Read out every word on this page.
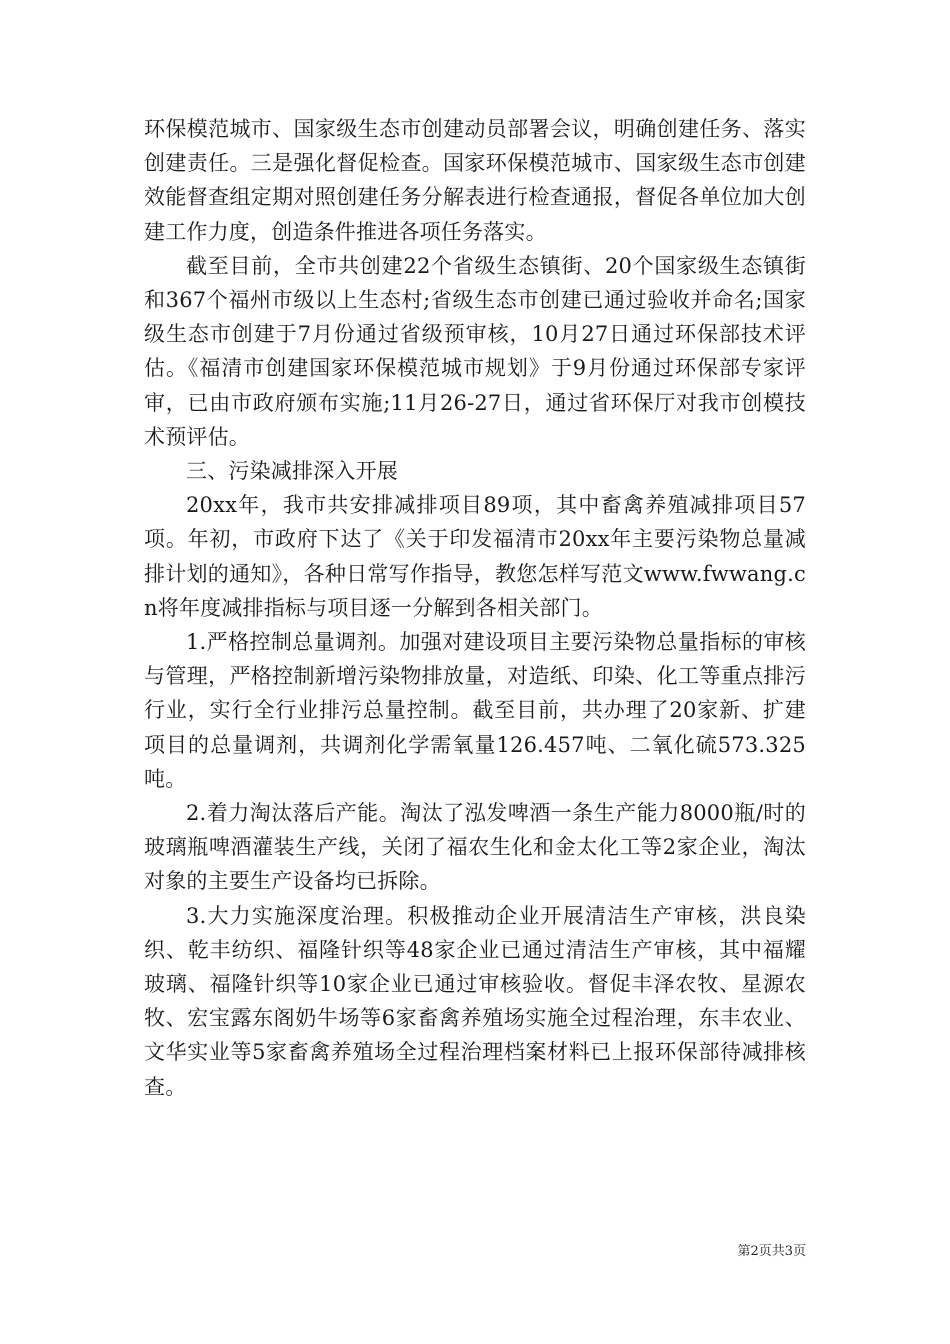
环保模范城市、国家级生态市创建动员部署会议，明确创建任务、落实创建责任。三是强化督促检查。国家环保模范城市、国家级生态市创建效能督查组定期对照创建任务分解表进行检查通报，督促各单位加大创建工作力度，创造条件推进各项任务落实。

截至目前，全市共创建22个省级生态镇街、20个国家级生态镇街和367个福州市级以上生态村;省级生态市创建已通过验收并命名;国家级生态市创建于7月份通过省级预审核，10月27日通过环保部技术评估。《福清市创建国家环保模范城市规划》于9月份通过环保部专家评审，已由市政府颁布实施;11月26-27日，通过省环保厅对我市创模技术预评估。

三、污染减排深入开展

20xx年，我市共安排减排项目89项，其中畜禽养殖减排项目57项。年初，市政府下达了《关于印发福清市20xx年主要污染物总量减排计划的通知》，各种日常写作指导，教您怎样写范文www.fwwang.cn将年度减排指标与项目逐一分解到各相关部门。

1.严格控制总量调剂。加强对建设项目主要污染物总量指标的审核与管理，严格控制新增污染物排放量，对造纸、印染、化工等重点排污行业，实行全行业排污总量控制。截至目前，共办理了20家新、扩建项目的总量调剂，共调剂化学需氧量126.457吨、二氧化硫573.325吨。

2.着力淘汰落后产能。淘汰了泓发啤酒一条生产能力8000瓶/时的玻璃瓶啤酒灌装生产线，关闭了福农生化和金太化工等2家企业，淘汰对象的主要生产设备均已拆除。

3.大力实施深度治理。积极推动企业开展清洁生产审核，洪良染织、乾丰纺织、福隆针织等48家企业已通过清洁生产审核，其中福耀玻璃、福隆针织等10家企业已通过审核验收。督促丰泽农牧、星源农牧、宏宝露东阁奶牛场等6家畜禽养殖场实施全过程治理，东丰农业、文华实业等5家畜禽养殖场全过程治理档案材料已上报环保部待减排核查。

第2页共3页
